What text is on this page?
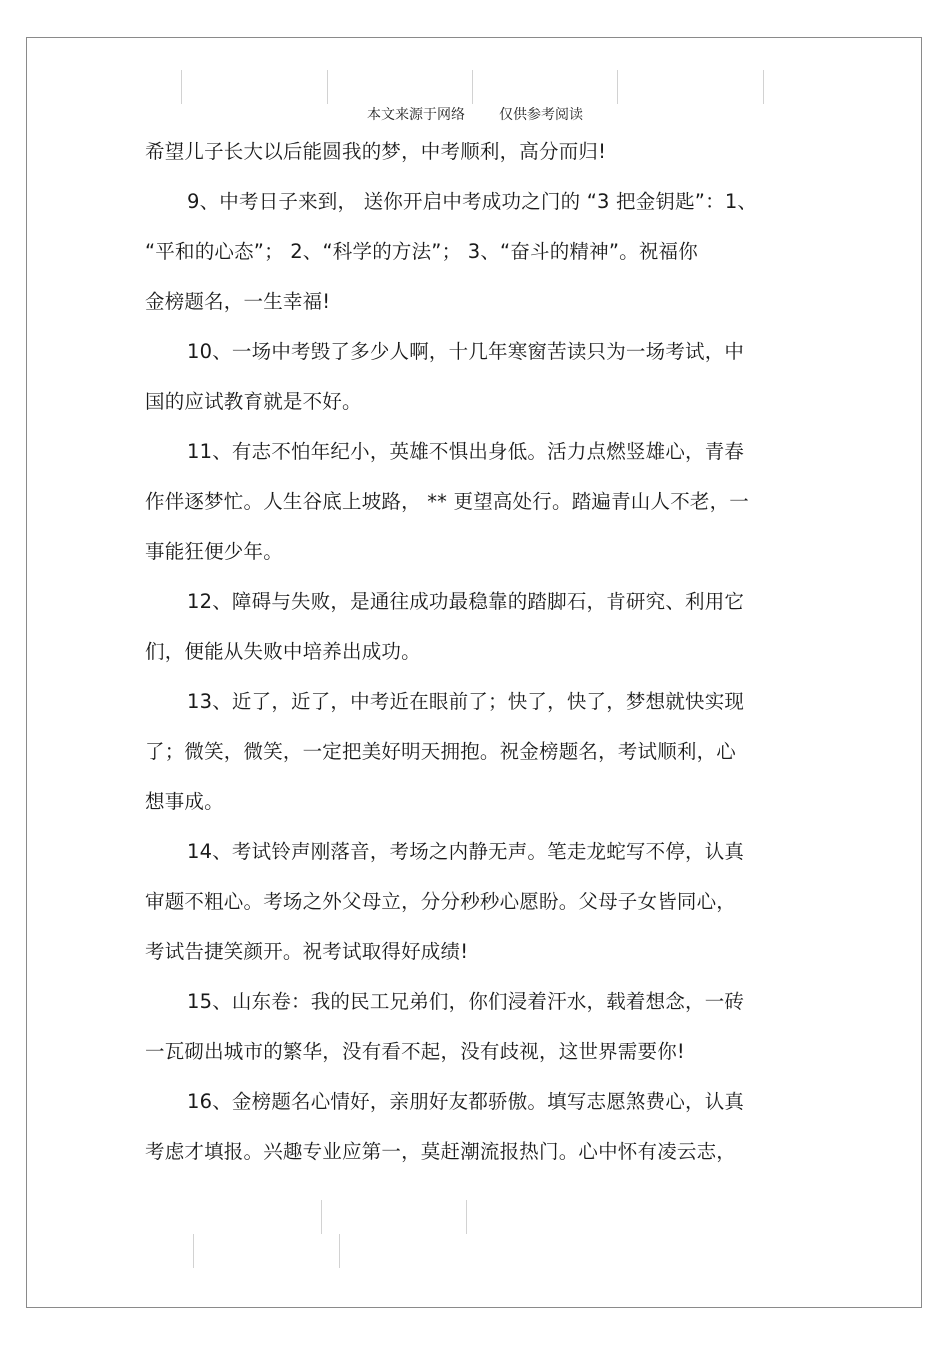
本文来源于网络 仅供参考阅读
希望儿子长大以后能圆我的梦，中考顺利，高分而归!
9、中考日子来到， 送你开启中考成功之门的 “3 把金钥匙”：1、
“平和的心态”； 2、“科学的方法”； 3、“奋斗的精神”。祝福你
金榜题名，一生幸福!
10、一场中考毁了多少人啊，十几年寒窗苦读只为一场考试，中
国的应试教育就是不好。
11、有志不怕年纪小，英雄不惧出身低。活力点燃竖雄心，青春
作伴逐梦忙。人生谷底上坡路， ** 更望高处行。踏遍青山人不老，一
事能狂便少年。
12、障碍与失败，是通往成功最稳靠的踏脚石，肯研究、利用它
们，便能从失败中培养出成功。
13、近了，近了，中考近在眼前了；快了，快了，梦想就快实现
了；微笑，微笑，一定把美好明天拥抱。祝金榜题名，考试顺利，心
想事成。
14、考试铃声刚落音，考场之内静无声。笔走龙蛇写不停，认真
审题不粗心。考场之外父母立，分分秒秒心愿盼。父母子女皆同心，
考试告捷笑颜开。祝考试取得好成绩!
15、山东卷：我的民工兄弟们，你们浸着汗水，载着想念，一砖
一瓦砌出城市的繁华，没有看不起，没有歧视，这世界需要你!
16、金榜题名心情好，亲朋好友都骄傲。填写志愿煞费心，认真
考虑才填报。兴趣专业应第一，莫赶潮流报热门。心中怀有凌云志，
